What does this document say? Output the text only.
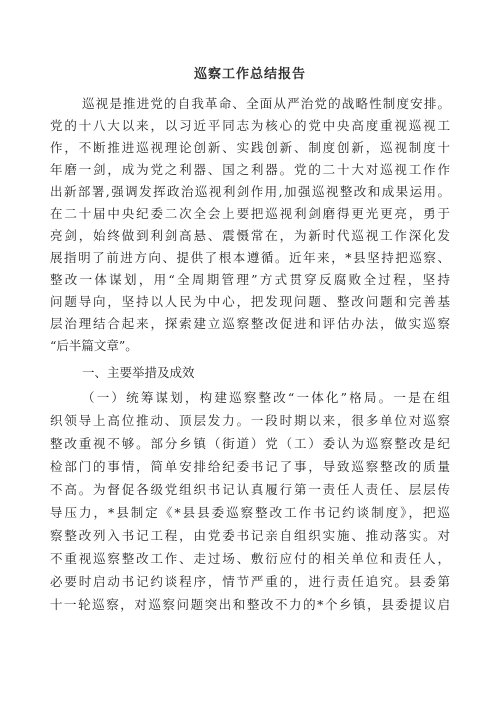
巡察工作总结报告
巡视是推进党的自我革命、全面从严治党的战略性制度安排。
党的十八大以来，以习近平同志为核心的党中央高度重视巡视工
作，不断推进巡视理论创新、实践创新、制度创新，巡视制度十
年磨一剑，成为党之利器、国之利器。党的二十大对巡视工作作
出新部署,强调发挥政治巡视利剑作用,加强巡视整改和成果运用。
在二十届中央纪委二次全会上要把巡视利剑磨得更光更亮，勇于
亮剑，始终做到利剑高悬、震慑常在，为新时代巡视工作深化发
展指明了前进方向、提供了根本遵循。近年来，*县坚持把巡察、
整改一体谋划，用“全周期管理”方式贯穿反腐败全过程，坚持
问题导向，坚持以人民为中心，把发现问题、整改问题和完善基
层治理结合起来，探索建立巡察整改促进和评估办法，做实巡察
“后半篇文章”。
一、主要举措及成效
（一）统筹谋划，构建巡察整改“一体化”格局。一是在组
织领导上高位推动、顶层发力。一段时期以来，很多单位对巡察
整改重视不够。部分乡镇（街道）党（工）委认为巡察整改是纪
检部门的事情，简单安排给纪委书记了事，导致巡察整改的质量
不高。为督促各级党组织书记认真履行第一责任人责任、层层传
导压力，*县制定《*县县委巡察整改工作书记约谈制度》，把巡
察整改列入书记工程，由党委书记亲自组织实施、推动落实。对
不重视巡察整改工作、走过场、敷衍应付的相关单位和责任人，
必要时启动书记约谈程序，情节严重的，进行责任追究。县委第
十一轮巡察，对巡察问题突出和整改不力的*个乡镇，县委提议启
